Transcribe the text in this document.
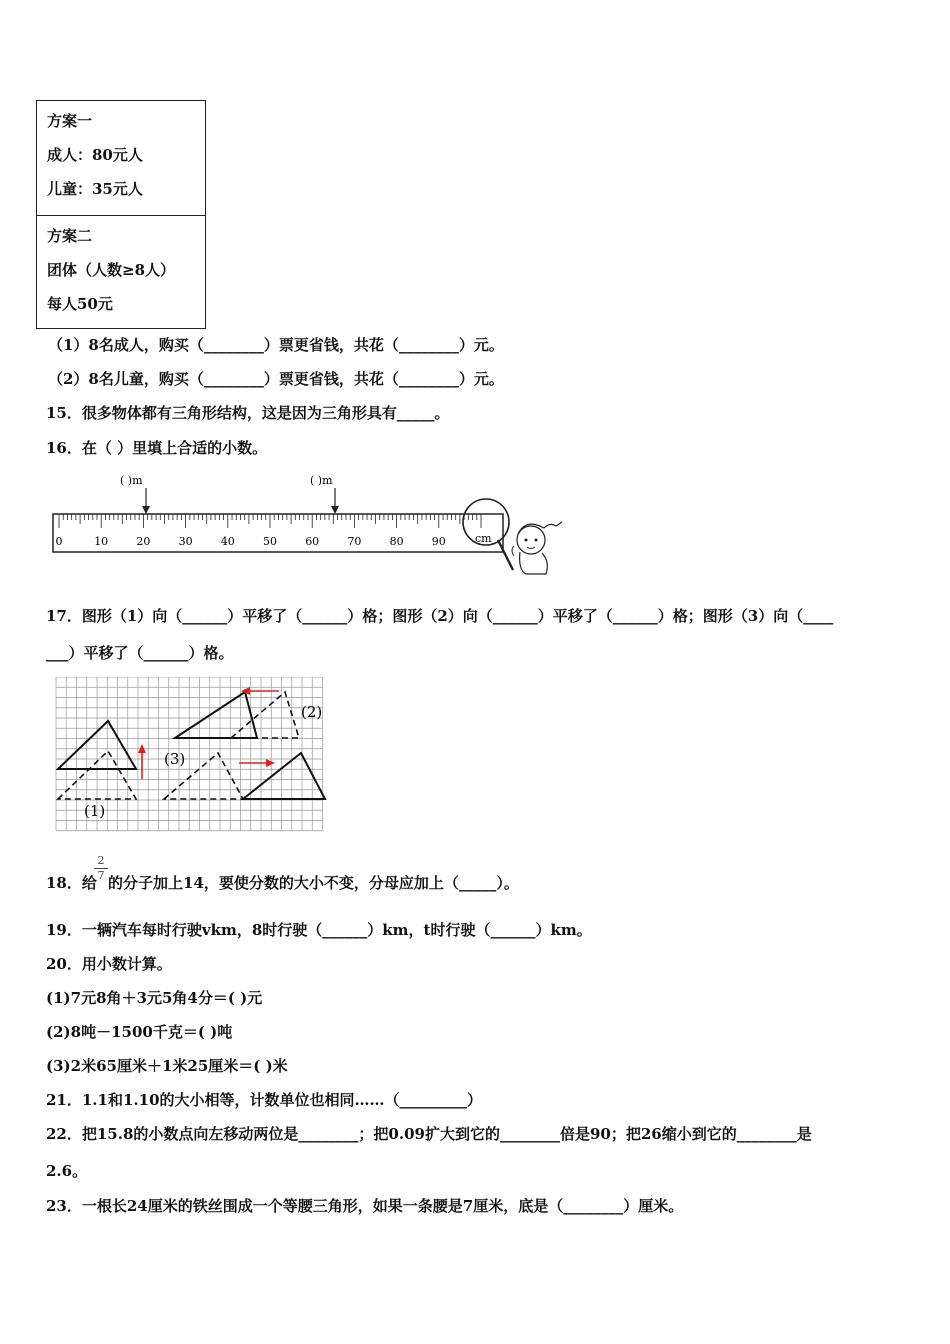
方案一
成人：80元人
儿童：35元人
方案二
团体（人数≥8人）
每人50元
（1）8名成人，购买（________）票更省钱，共花（________）元。
（2）8名儿童，购买（________）票更省钱，共花（________）元。
15．很多物体都有三角形结构，这是因为三角形具有_____。
16．在（ ）里填上合适的小数。
( )m	( )m
0	10	20	30	40	50	60	70	80	90	cm
17．图形（1）向（______）平移了（______）格；图形（2）向（______）平移了（______）格；图形（3）向（____
___）平移了（______）格。
(1)
(2)
(3)
18．给
2
7 的分子加上14，要使分数的大小不变，分母应加上（_____）。
19．一辆汽车每时行驶vkm，8时行驶（______）km，t时行驶（______）km。
20．用小数计算。
(1)7元8角＋3元5角4分＝( )元
(2)8吨－1500千克＝( )吨
(3)2米65厘米＋1米25厘米＝( )米
21．1.1和1.10的大小相等，计数单位也相同……（_________）
22．把15.8的小数点向左移动两位是________；把0.09扩大到它的________倍是90；把26缩小到它的________是
2.6。
23．一根长24厘米的铁丝围成一个等腰三角形，如果一条腰是7厘米，底是（________）厘米。
